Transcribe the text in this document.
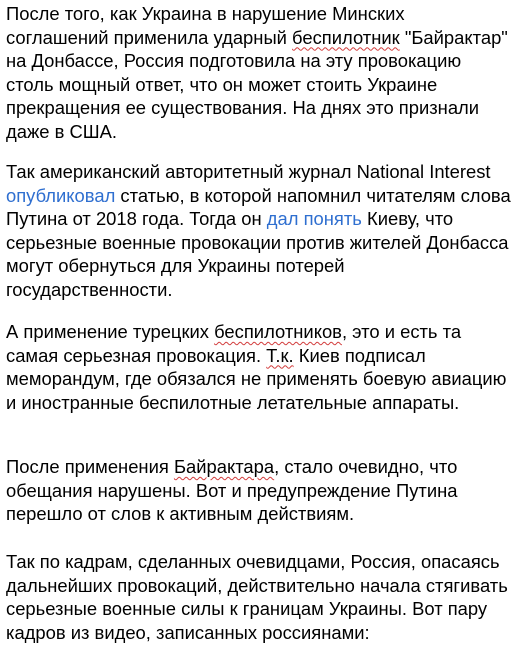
После того, как Украина в нарушение Минских соглашений применила ударный беспилотник "Байрактар" на Донбассе, Россия подготовила на эту провокацию столь мощный ответ, что он может стоить Украине прекращения ее существования. На днях это признали даже в США.

Так американский авторитетный журнал National Interest опубликовал статью, в которой напомнил читателям слова Путина от 2018 года. Тогда он дал понять Киеву, что серьезные военные провокации против жителей Донбасса могут обернуться для Украины потерей государственности.

А применение турецких беспилотников, это и есть та самая серьезная провокация. Т.к. Киев подписал меморандум, где обязался не применять боевую авиацию и иностранные беспилотные летательные аппараты.

После применения Байрактара, стало очевидно, что обещания нарушены. Вот и предупреждение Путина перешло от слов к активным действиям.

Так по кадрам, сделанных очевидцами, Россия, опасаясь дальнейших провокаций, действительно начала стягивать серьезные военные силы к границам Украины. Вот пару кадров из видео, записанных россиянами:
